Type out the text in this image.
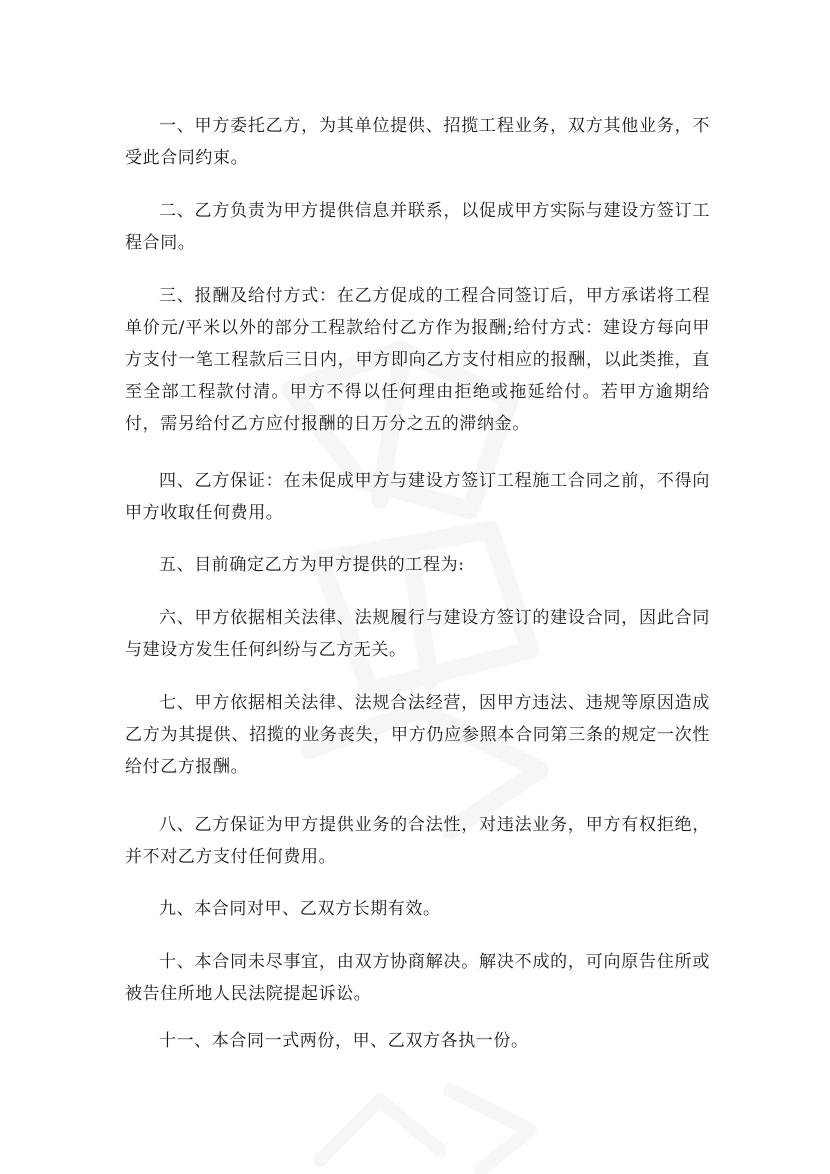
一、甲方委托乙方，为其单位提供、招揽工程业务，双方其他业务，不受此合同约束。

二、乙方负责为甲方提供信息并联系，以促成甲方实际与建设方签订工程合同。

三、报酬及给付方式：在乙方促成的工程合同签订后，甲方承诺将工程单价元/平米以外的部分工程款给付乙方作为报酬;给付方式：建设方每向甲方支付一笔工程款后三日内，甲方即向乙方支付相应的报酬，以此类推，直至全部工程款付清。甲方不得以任何理由拒绝或拖延给付。若甲方逾期给付，需另给付乙方应付报酬的日万分之五的滞纳金。

四、乙方保证：在未促成甲方与建设方签订工程施工合同之前，不得向甲方收取任何费用。

五、目前确定乙方为甲方提供的工程为:

六、甲方依据相关法律、法规履行与建设方签订的建设合同，因此合同与建设方发生任何纠纷与乙方无关。

七、甲方依据相关法律、法规合法经营，因甲方违法、违规等原因造成乙方为其提供、招揽的业务丧失，甲方仍应参照本合同第三条的规定一次性给付乙方报酬。

八、乙方保证为甲方提供业务的合法性，对违法业务，甲方有权拒绝，并不对乙方支付任何费用。

九、本合同对甲、乙双方长期有效。

十、本合同未尽事宜，由双方协商解决。解决不成的，可向原告住所或被告住所地人民法院提起诉讼。

十一、本合同一式两份，甲、乙双方各执一份。
